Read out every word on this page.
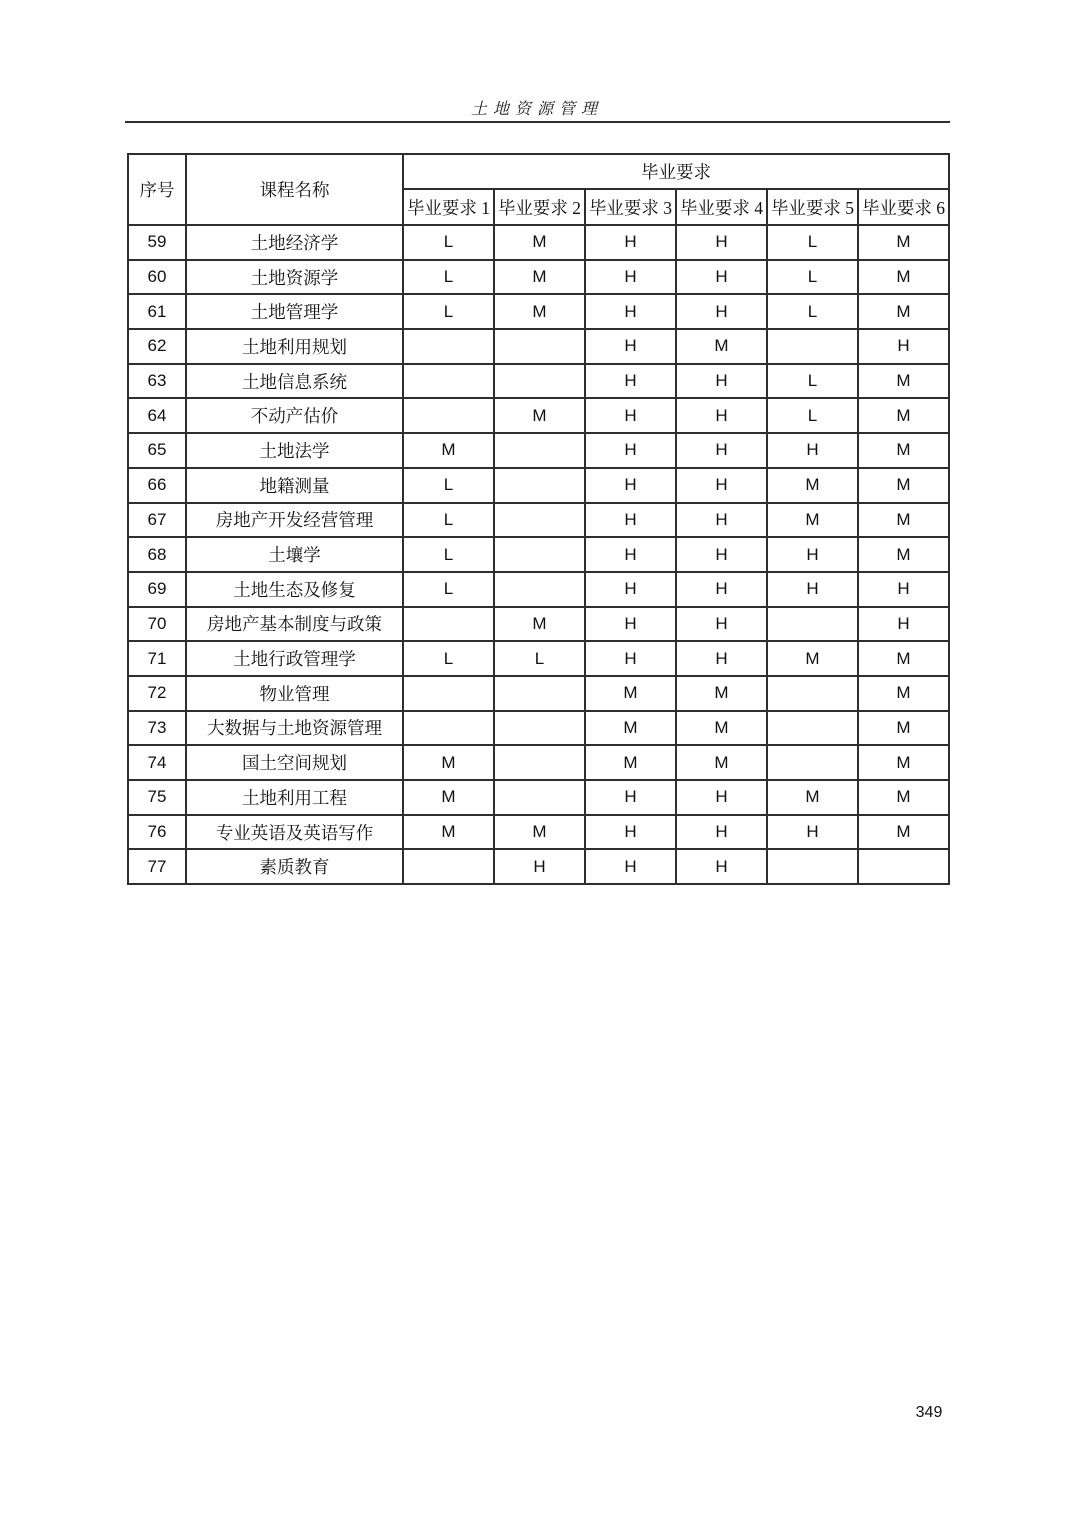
土地资源管理
序号	课程名称	毕业要求					
		毕业要求 1	毕业要求 2	毕业要求 3	毕业要求 4	毕业要求 5	毕业要求 6
59	土地经济学	L	M	H	H	L	M
60	土地资源学	L	M	H	H	L	M
61	土地管理学	L	M	H	H	L	M
62	土地利用规划			H	M		H
63	土地信息系统			H	H	L	M
64	不动产估价		M	H	H	L	M
65	土地法学	M		H	H	H	M
66	地籍测量	L		H	H	M	M
67	房地产开发经营管理	L		H	H	M	M
68	土壤学	L		H	H	H	M
69	土地生态及修复	L		H	H	H	H
70	房地产基本制度与政策		M	H	H		H
71	土地行政管理学	L	L	H	H	M	M
72	物业管理			M	M		M
73	大数据与土地资源管理			M	M		M
74	国土空间规划	M		M	M		M
75	土地利用工程	M		H	H	M	M
76	专业英语及英语写作	M	M	H	H	H	M
77	素质教育		H	H	H		
349
